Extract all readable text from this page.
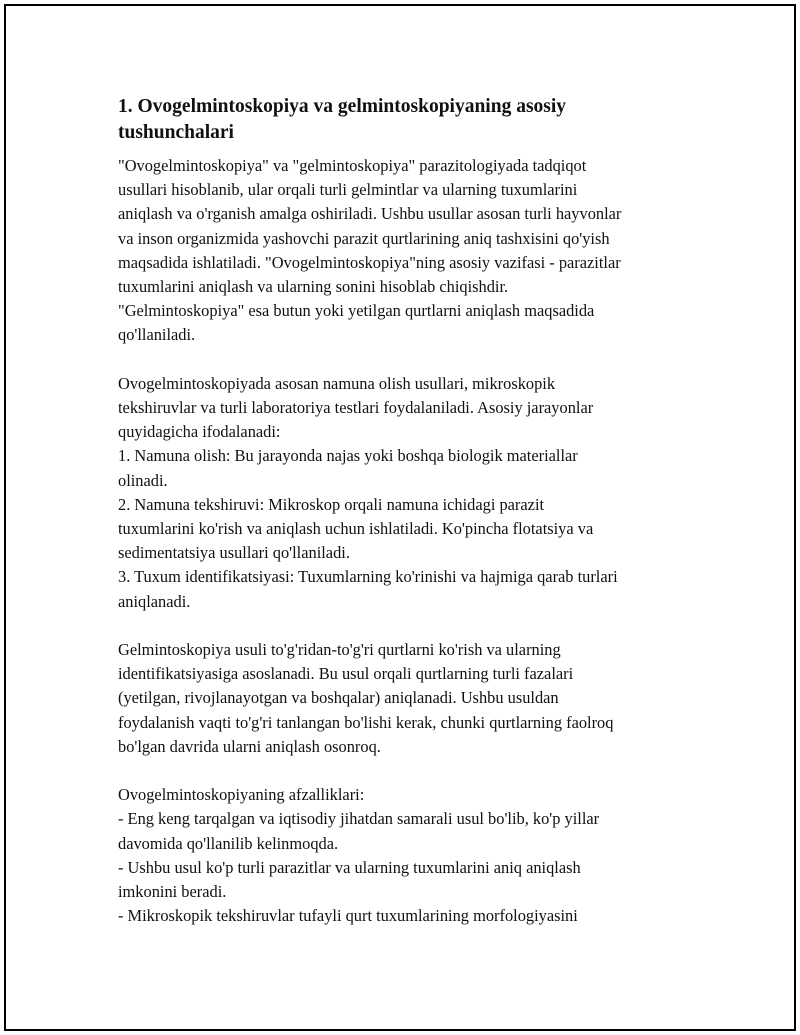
1. Ovogelmintoskopiya va gelmintoskopiyaning asosiy
tushunchalari

"Ovogelmintoskopiya" va "gelmintoskopiya" parazitologiyada tadqiqot
usullari hisoblanib, ular orqali turli gelmintlar va ularning tuxumlarini
aniqlash va o'rganish amalga oshiriladi. Ushbu usullar asosan turli hayvonlar
va inson organizmida yashovchi parazit qurtlarining aniq tashxisini qo'yish
maqsadida ishlatiladi. "Ovogelmintoskopiya"ning asosiy vazifasi - parazitlar
tuxumlarini aniqlash va ularning sonini hisoblab chiqishdir.
"Gelmintoskopiya" esa butun yoki yetilgan qurtlarni aniqlash maqsadida
qo'llaniladi.

Ovogelmintoskopiyada asosan namuna olish usullari, mikroskopik
tekshiruvlar va turli laboratoriya testlari foydalaniladi. Asosiy jarayonlar
quyidagicha ifodalanadi:
1. Namuna olish: Bu jarayonda najas yoki boshqa biologik materiallar
olinadi.
2. Namuna tekshiruvi: Mikroskop orqali namuna ichidagi parazit
tuxumlarini ko'rish va aniqlash uchun ishlatiladi. Ko'pincha flotatsiya va
sedimentatsiya usullari qo'llaniladi.
3. Tuxum identifikatsiyasi: Tuxumlarning ko'rinishi va hajmiga qarab turlari
aniqlanadi.

Gelmintoskopiya usuli to'g'ridan-to'g'ri qurtlarni ko'rish va ularning
identifikatsiyasiga asoslanadi. Bu usul orqali qurtlarning turli fazalari
(yetilgan, rivojlanayotgan va boshqalar) aniqlanadi. Ushbu usuldan
foydalanish vaqti to'g'ri tanlangan bo'lishi kerak, chunki qurtlarning faolroq
bo'lgan davrida ularni aniqlash osonroq.

Ovogelmintoskopiyaning afzalliklari:
- Eng keng tarqalgan va iqtisodiy jihatdan samarali usul bo'lib, ko'p yillar
davomida qo'llanilib kelinmoqda.
- Ushbu usul ko'p turli parazitlar va ularning tuxumlarini aniq aniqlash
imkonini beradi.
- Mikroskopik tekshiruvlar tufayli qurt tuxumlarining morfologiyasini
